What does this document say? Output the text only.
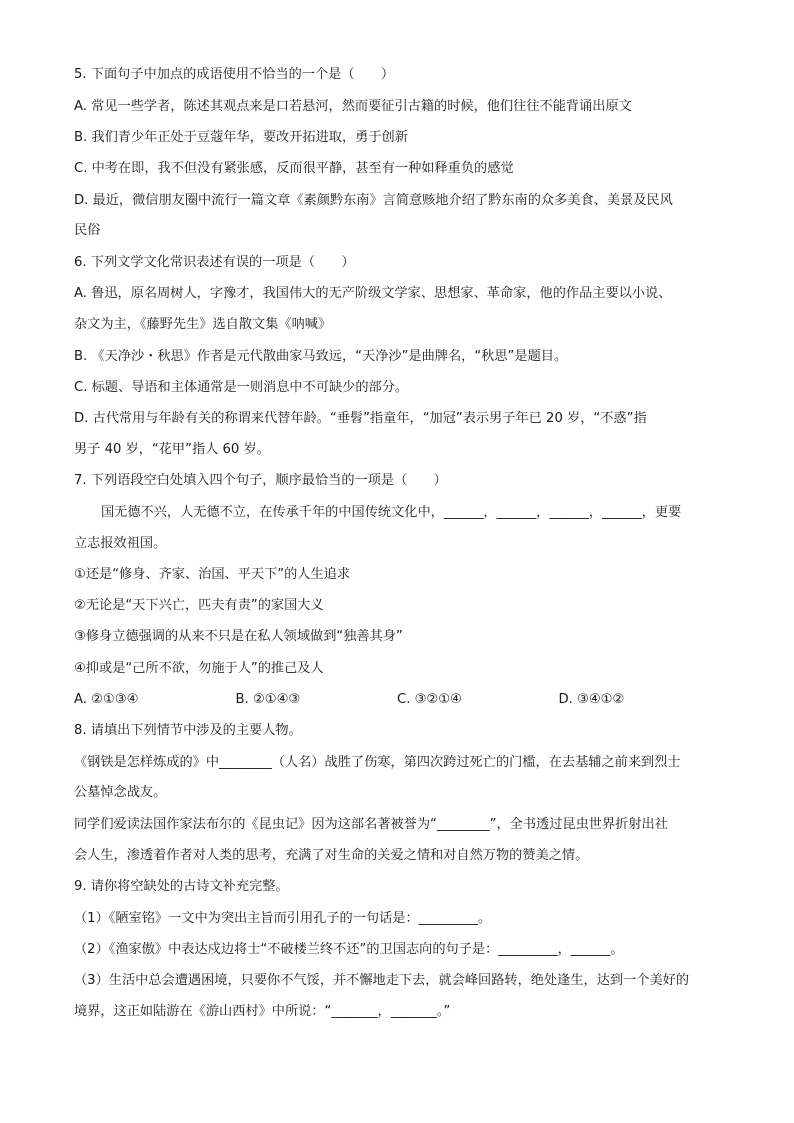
5. 下面句子中加点的成语使用不恰当的一个是（　　）
A. 常见一些学者，陈述其观点来是口若悬河，然而要征引古籍的时候，他们往往不能背诵出原文
B. 我们青少年正处于豆蔻年华，要改开拓进取，勇于创新
C. 中考在即，我不但没有紧张感，反而很平静，甚至有一种如释重负的感觉
D. 最近，微信朋友圈中流行一篇文章《素颜黔东南》言简意赅地介绍了黔东南的众多美食、美景及民风
民俗
6. 下列文学文化常识表述有误的一项是（　　）
A. 鲁迅，原名周树人，字豫才，我国伟大的无产阶级文学家、思想家、革命家，他的作品主要以小说、
杂文为主，《藤野先生》选自散文集《呐喊》
B. 《天净沙・秋思》作者是元代散曲家马致远，“天净沙”是曲牌名，“秋思”是题目。
C. 标题、导语和主体通常是一则消息中不可缺少的部分。
D. 古代常用与年龄有关的称谓来代替年龄。“垂髫”指童年，“加冠”表示男子年已 20 岁，“不惑”指
男子 40 岁，“花甲”指人 60 岁。
7. 下列语段空白处填入四个句子，顺序最恰当的一项是（　　）
国无德不兴，人无德不立，在传承千年的中国传统文化中，______，______，______，______，更要
立志报效祖国。
①还是“修身、齐家、治国、平天下”的人生追求
②无论是“天下兴亡，匹夫有责”的家国大义
③修身立德强调的从来不只是在私人领域做到“独善其身”
④抑或是“己所不欲，勿施于人”的推己及人
A. ②①③④	B. ②①④③	C. ③②①④	D. ③④①②
8. 请填出下列情节中涉及的主要人物。
《钢铁是怎样炼成的》中________（人名）战胜了伤寒，第四次跨过死亡的门槛，在去基辅之前来到烈士
公墓悼念战友。
同学们爱读法国作家法布尔的《昆虫记》因为这部名著被誉为“________”，全书透过昆虫世界折射出社
会人生，渗透着作者对人类的思考，充满了对生命的关爱之情和对自然万物的赞美之情。
9. 请你将空缺处的古诗文补充完整。
（1）《陋室铭》一文中为突出主旨而引用孔子的一句话是：_________。
（2）《渔家傲》中表达戍边将士“不破楼兰终不还”的卫国志向的句子是：_________，______。
（3）生活中总会遭遇困境，只要你不气馁，并不懈地走下去，就会峰回路转，绝处逢生，达到一个美好的
境界，这正如陆游在《游山西村》中所说：“_______，_______。”
